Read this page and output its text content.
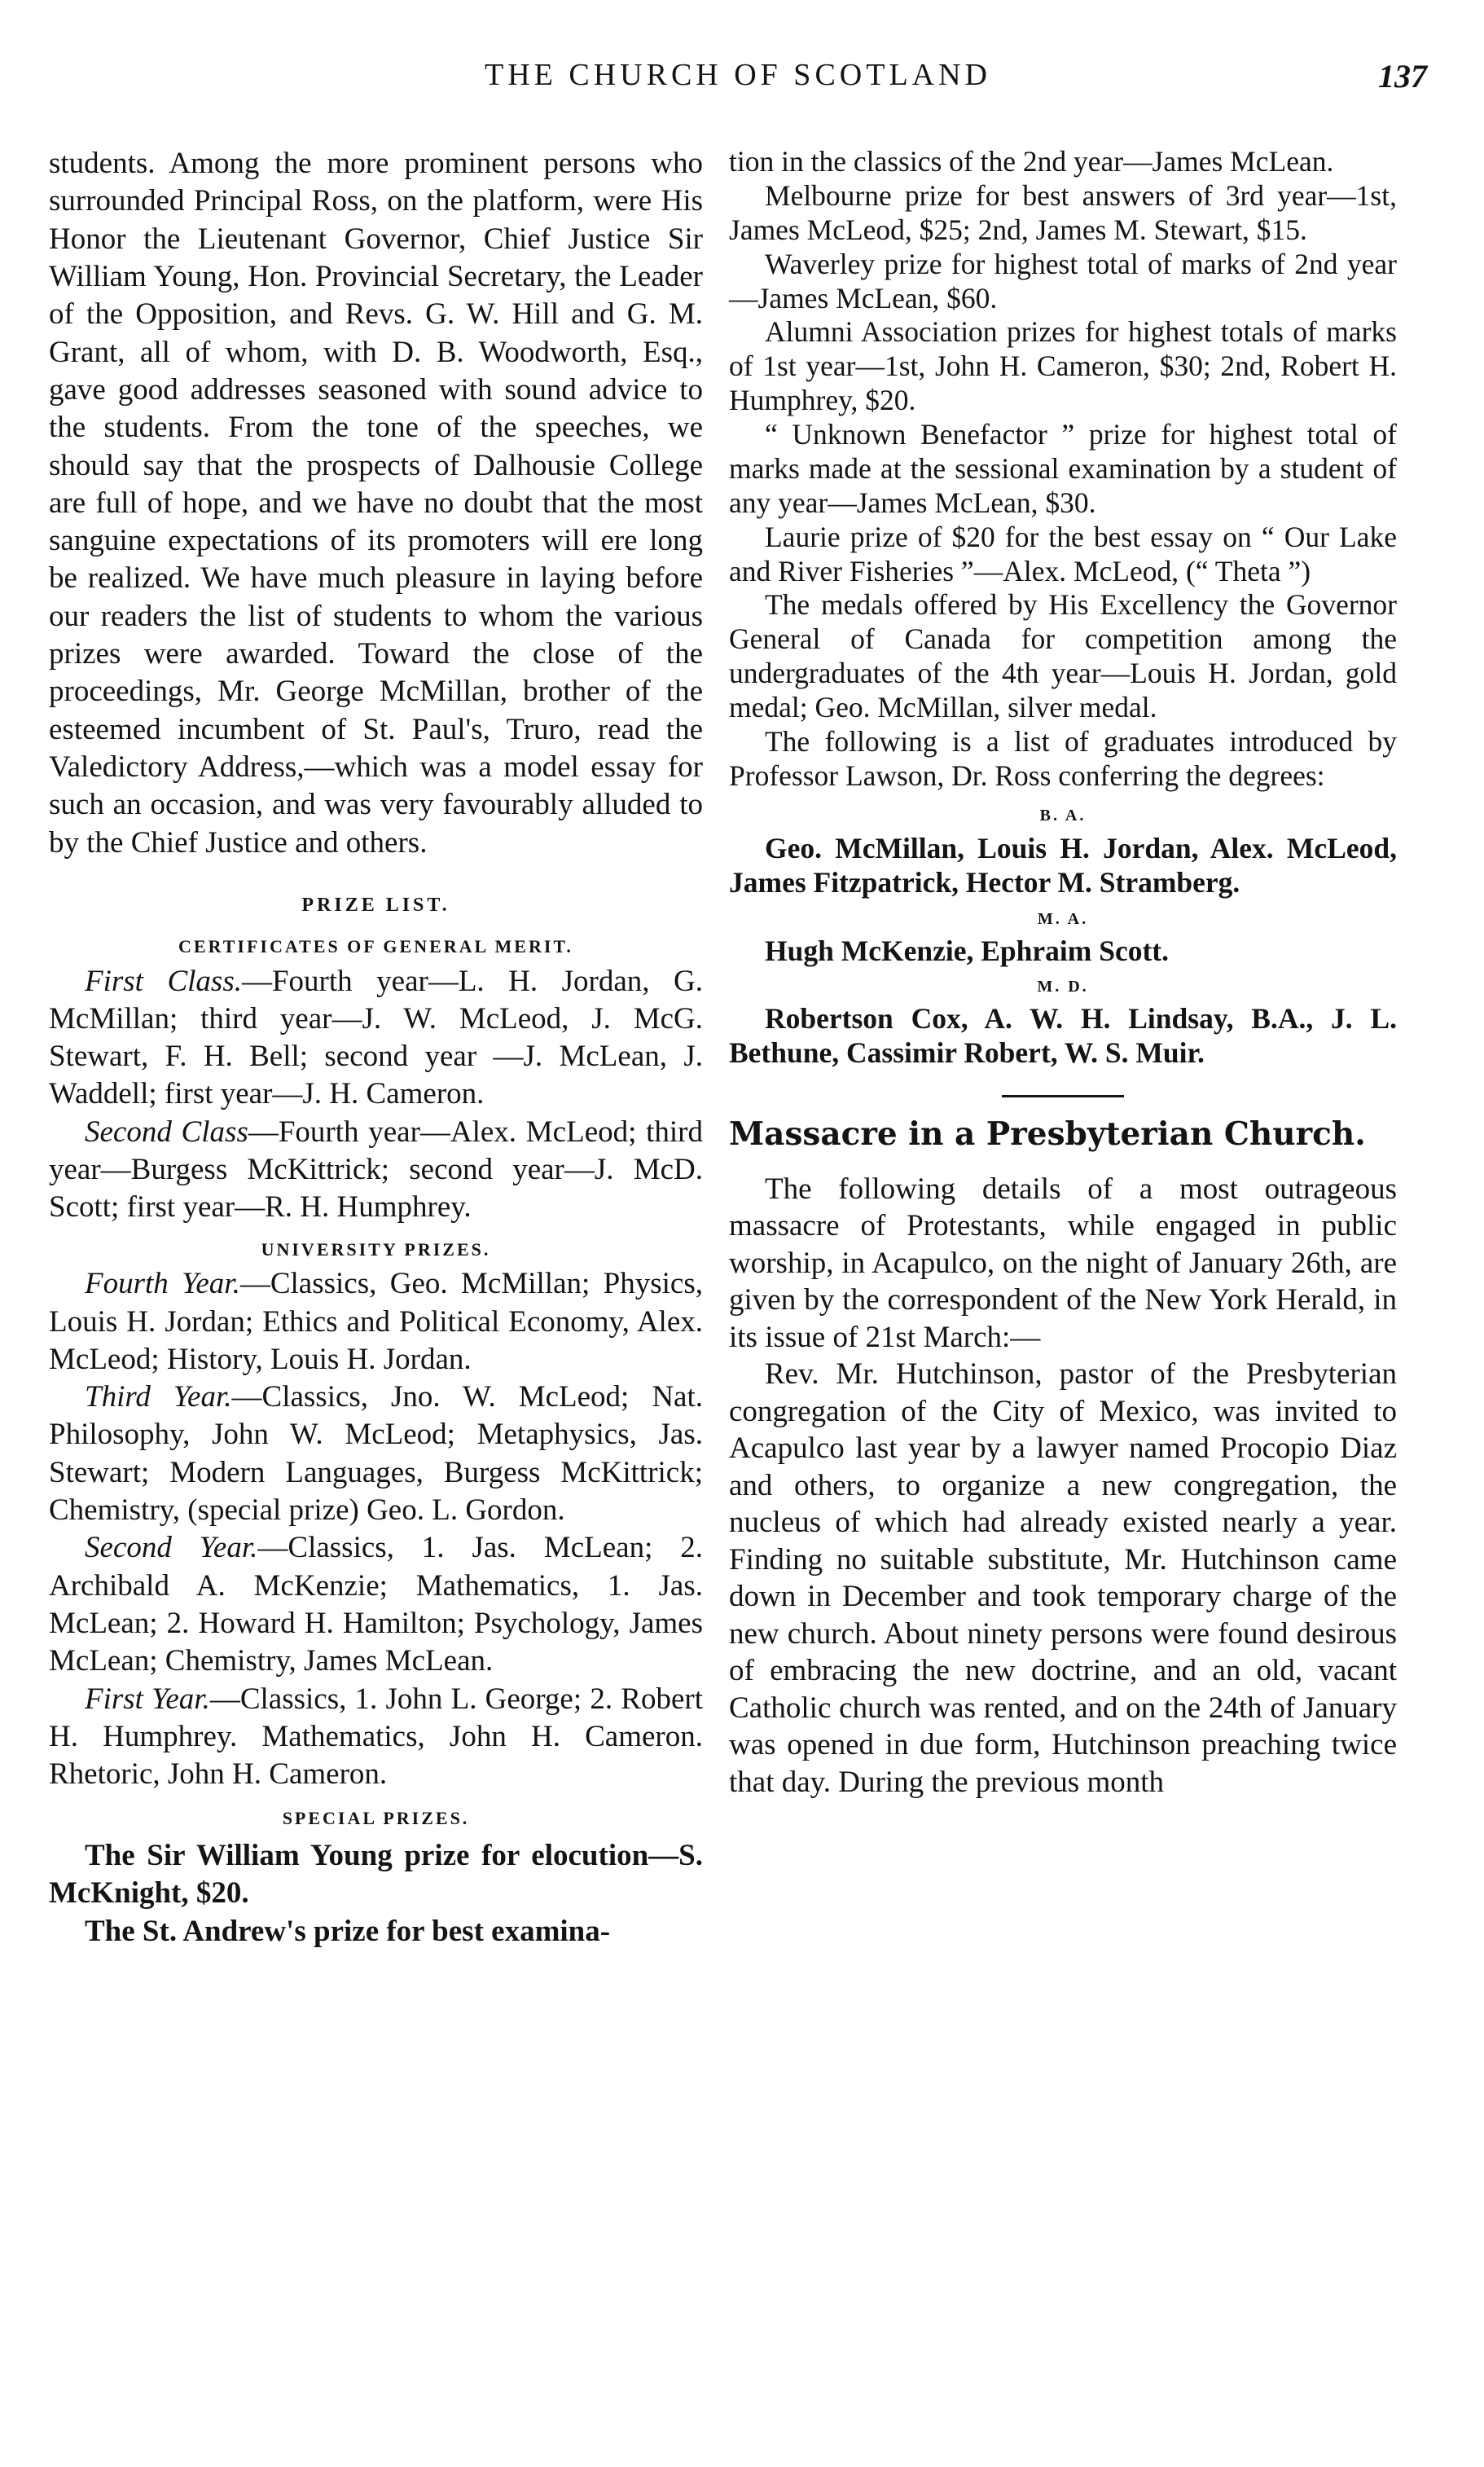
THE CHURCH OF SCOTLAND	137

students. Among the more prominent persons who surrounded Principal Ross, on the platform, were His Honor the Lieutenant Governor, Chief Justice Sir William Young, Hon. Provincial Secretary, the Leader of the Opposition, and Revs. G. W. Hill and G. M. Grant, all of whom, with D. B. Woodworth, Esq., gave good addresses seasoned with sound advice to the students. From the tone of the speeches, we should say that the prospects of Dalhousie College are full of hope, and we have no doubt that the most sanguine expectations of its promoters will ere long be realized. We have much pleasure in laying before our readers the list of students to whom the various prizes were awarded. Toward the close of the proceedings, Mr. George McMillan, brother of the esteemed incumbent of St. Paul's, Truro, read the Valedictory Address,—which was a model essay for such an occasion, and was very favourably alluded to by the Chief Justice and others.

PRIZE LIST.

CERTIFICATES OF GENERAL MERIT.

First Class.—Fourth year—L. H. Jordan, G. McMillan; third year—J. W. McLeod, J. McG. Stewart, F. H. Bell; second year —J. McLean, J. Waddell; first year—J. H. Cameron.

Second Class—Fourth year—Alex. McLeod; third year—Burgess McKittrick; second year—J. McD. Scott; first year—R. H. Humphrey.

UNIVERSITY PRIZES.

Fourth Year.—Classics, Geo. McMillan; Physics, Louis H. Jordan; Ethics and Political Economy, Alex. McLeod; History, Louis H. Jordan.

Third Year.—Classics, Jno. W. McLeod; Nat. Philosophy, John W. McLeod; Metaphysics, Jas. Stewart; Modern Languages, Burgess McKittrick; Chemistry, (special prize) Geo. L. Gordon.

Second Year.—Classics, 1. Jas. McLean; 2. Archibald A. McKenzie; Mathematics, 1. Jas. McLean; 2. Howard H. Hamilton; Psychology, James McLean; Chemistry, James McLean.

First Year.—Classics, 1. John L. George; 2. Robert H. Humphrey. Mathematics, John H. Cameron. Rhetoric, John H. Cameron.

SPECIAL PRIZES.

The Sir William Young prize for elocution—S. McKnight, $20.

The St. Andrew's prize for best examina-

tion in the classics of the 2nd year—James McLean.

Melbourne prize for best answers of 3rd year—1st, James McLeod, $25; 2nd, James M. Stewart, $15.

Waverley prize for highest total of marks of 2nd year—James McLean, $60.

Alumni Association prizes for highest totals of marks of 1st year—1st, John H. Cameron, $30; 2nd, Robert H. Humphrey, $20.

“ Unknown Benefactor ” prize for highest total of marks made at the sessional examination by a student of any year—James McLean, $30.

Laurie prize of $20 for the best essay on “ Our Lake and River Fisheries ”—Alex. McLeod, (“ Theta ”)

The medals offered by His Excellency the Governor General of Canada for competition among the undergraduates of the 4th year—Louis H. Jordan, gold medal; Geo. McMillan, silver medal.

The following is a list of graduates introduced by Professor Lawson, Dr. Ross conferring the degrees:

B. A.

Geo. McMillan, Louis H. Jordan, Alex. McLeod, James Fitzpatrick, Hector M. Stramberg.

M. A.

Hugh McKenzie, Ephraim Scott.

M. D.

Robertson Cox, A. W. H. Lindsay, B.A., J. L. Bethune, Cassimir Robert, W. S. Muir.

Massacre in a Presbyterian Church.

The following details of a most outrageous massacre of Protestants, while engaged in public worship, in Acapulco, on the night of January 26th, are given by the correspondent of the New York Herald, in its issue of 21st March:—

Rev. Mr. Hutchinson, pastor of the Presbyterian congregation of the City of Mexico, was invited to Acapulco last year by a lawyer named Procopio Diaz and others, to organize a new congregation, the nucleus of which had already existed nearly a year. Finding no suitable substitute, Mr. Hutchinson came down in December and took temporary charge of the new church. About ninety persons were found desirous of embracing the new doctrine, and an old, vacant Catholic church was rented, and on the 24th of January was opened in due form, Hutchinson preaching twice that day. During the previous month
